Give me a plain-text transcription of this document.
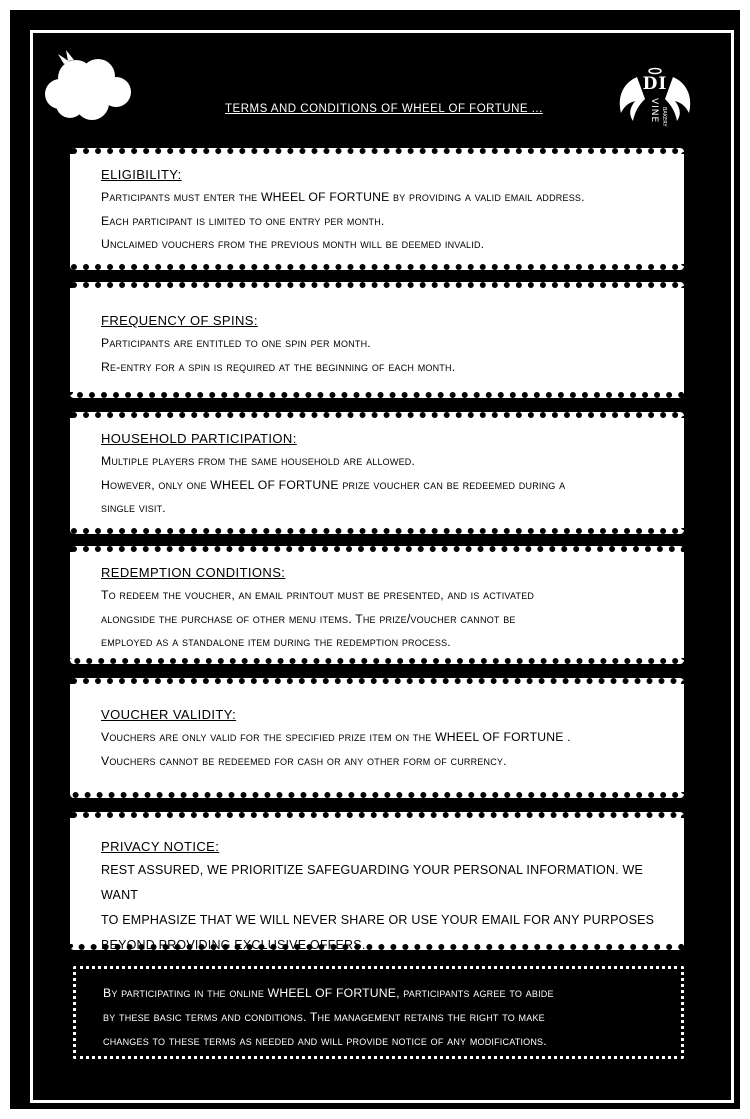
DI
VINE BAKERY
TERMS AND CONDITIONS OF WHEEL OF FORTUNE ...

ELIGIBILITY:

Participants must enter the WHEEL OF FORTUNE by providing a valid email address.

Each participant is limited to one entry per month.

Unclaimed vouchers from the previous month will be deemed invalid.

FREQUENCY OF SPINS:

Participants are entitled to one spin per month.

Re-entry for a spin is required at the beginning of each month.

HOUSEHOLD PARTICIPATION:

Multiple players from the same household are allowed.

However, only one WHEEL OF FORTUNE prize voucher can be redeemed during a

single visit.

REDEMPTION CONDITIONS:

To redeem the voucher, an email printout must be presented, and is activated

alongside the purchase of other menu items. The prize/voucher cannot be

employed as a standalone item during the redemption process.

VOUCHER VALIDITY:

Vouchers are only valid for the specified prize item on the WHEEL OF FORTUNE .

Vouchers cannot be redeemed for cash or any other form of currency.

PRIVACY NOTICE:

REST ASSURED, WE PRIORITIZE SAFEGUARDING YOUR PERSONAL INFORMATION. WE WANT

TO EMPHASIZE THAT WE WILL NEVER SHARE OR USE YOUR EMAIL FOR ANY PURPOSES

BEYOND PROVIDING EXCLUSIVE OFFERS.

By participating in the online WHEEL OF FORTUNE, participants agree to abide

by these basic terms and conditions. The management retains the right to make

changes to these terms as needed and will provide notice of any modifications.
